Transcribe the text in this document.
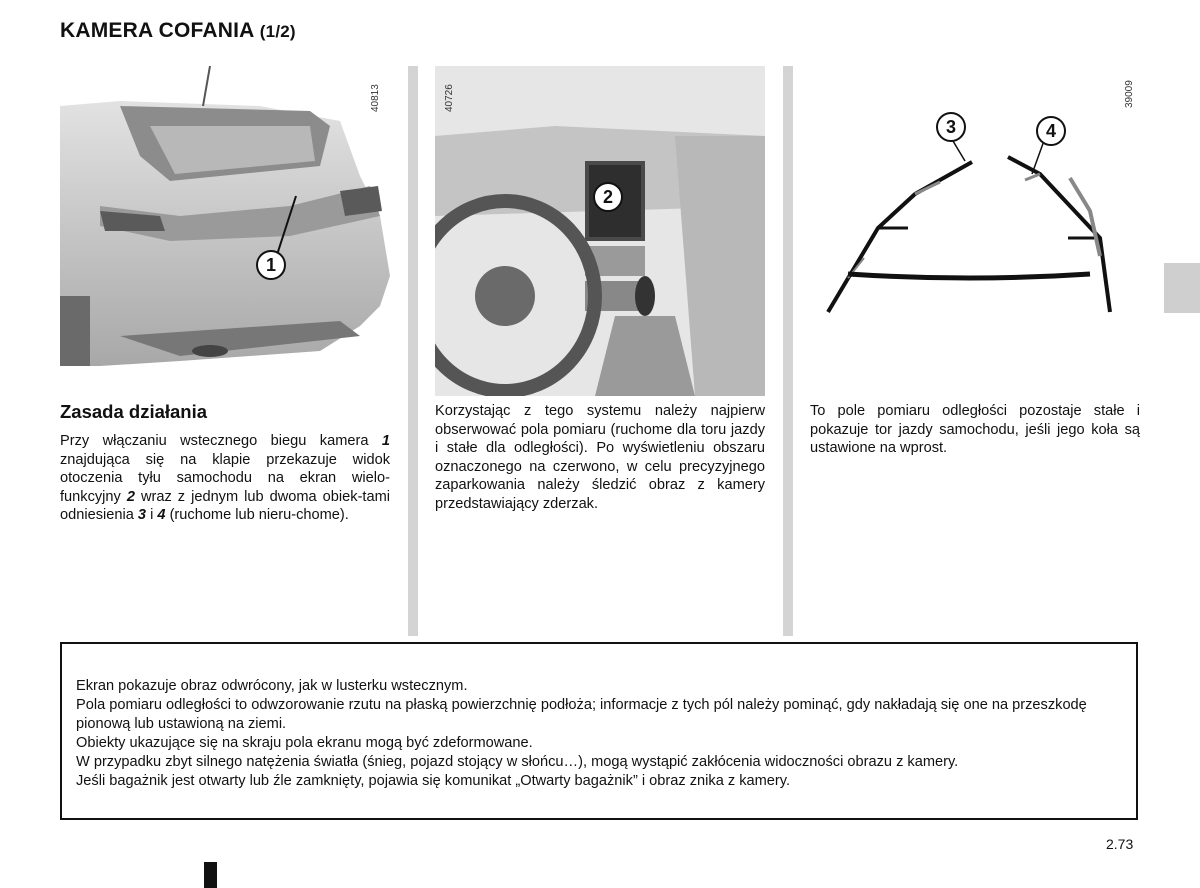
KAMERA COFANIA (1/2)
1
40813
2
40726
3	4
39009
Zasada działania
Przy włączaniu wstecznego biegu kamera 1 znajdująca się na klapie przekazuje widok otoczenia tyłu samochodu na ekran wielo-funkcyjny 2 wraz z jednym lub dwoma obiek-tami odniesienia 3 i 4 (ruchome lub nieru-chome).
Korzystając z tego systemu należy najpierw obserwować pola pomiaru (ruchome dla toru jazdy i stałe dla odległości). Po wyświetleniu obszaru oznaczonego na czerwono, w celu precyzyjnego zaparkowania należy śledzić obraz z kamery przedstawiający zderzak.
To pole pomiaru odległości pozostaje stałe i pokazuje tor jazdy samochodu, jeśli jego koła są ustawione na wprost.

Ekran pokazuje obraz odwrócony, jak w lusterku wstecznym.

Pola pomiaru odległości to odwzorowanie rzutu na płaską powierzchnię podłoża; informacje z tych pól należy pominąć, gdy nakładają się one na przeszkodę pionową lub ustawioną na ziemi.

Obiekty ukazujące się na skraju pola ekranu mogą być zdeformowane.

W przypadku zbyt silnego natężenia światła (śnieg, pojazd stojący w słońcu…), mogą wystąpić zakłócenia widoczności obrazu z kamery.

Jeśli bagażnik jest otwarty lub źle zamknięty, pojawia się komunikat „Otwarty bagażnik” i obraz znika z kamery.

2.73
